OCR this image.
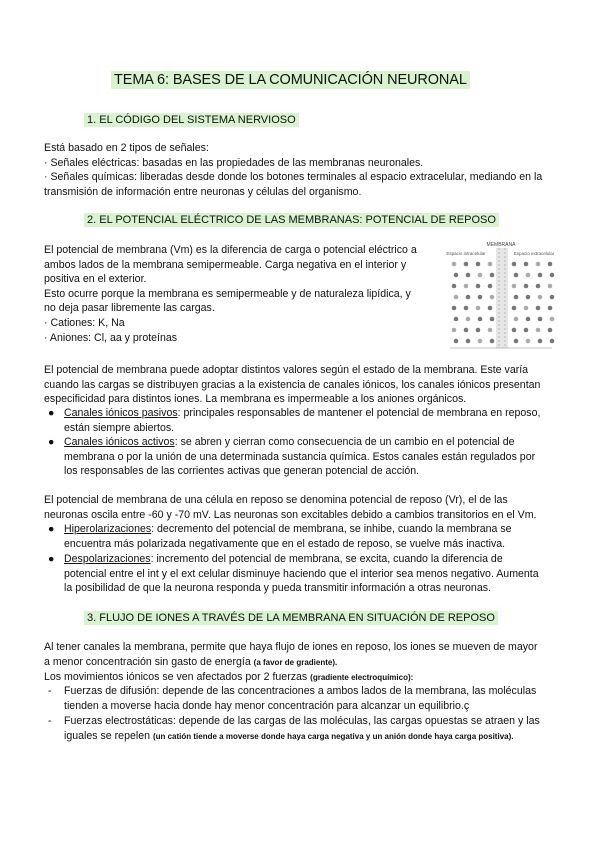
TEMA 6: BASES DE LA COMUNICACIÓN NEURONAL
1. EL CÓDIGO DEL SISTEMA NERVIOSO
Está basado en 2 tipos de señales:
· Señales eléctricas: basadas en las propiedades de las membranas neuronales.
· Señales químicas: liberadas desde donde los botones terminales al espacio extracelular, mediando en la
transmisión de información entre neuronas y células del organismo.
2. EL POTENCIAL ELÉCTRICO DE LAS MEMBRANAS: POTENCIAL DE REPOSO
El potencial de membrana (Vm) es la diferencia de carga o potencial eléctrico a
ambos lados de la membrana semipermeable. Carga negativa en el interior y
positiva en el exterior.
Esto ocurre porque la membrana es semipermeable y de naturaleza lipídica, y
no deja pasar libremente las cargas.
· Cationes: K, Na
· Aniones: Cl, aa y proteínas
MEMBRANA
Espacio intracelular	Espacio extracelular
El potencial de membrana puede adoptar distintos valores según el estado de la membrana. Este varía
cuando las cargas se distribuyen gracias a la existencia de canales iónicos, los canales iónicos presentan
especificidad para distintos iones. La membrana es impermeable a los aniones orgánicos.
● Canales iónicos pasivos: principales responsables de mantener el potencial de membrana en reposo,
están siempre abiertos.
● Canales iónicos activos: se abren y cierran como consecuencia de un cambio en el potencial de
membrana o por la unión de una determinada sustancia química. Estos canales están regulados por
los responsables de las corrientes activas que generan potencial de acción.
El potencial de membrana de una célula en reposo se denomina potencial de reposo (Vr), el de las
neuronas oscila entre -60 y -70 mV. Las neuronas son excitables debido a cambios transitorios en el Vm.
● Hiperolarizaciones: decremento del potencial de membrana, se inhibe, cuando la membrana se
encuentra más polarizada negativamente que en el estado de reposo, se vuelve más inactiva.
● Despolarizaciones: incremento del potencial de membrana, se excita, cuando la diferencia de
potencial entre el int y el ext celular disminuye haciendo que el interior sea menos negativo. Aumenta
la posibilidad de que la neurona responda y pueda transmitir información a otras neuronas.
3. FLUJO DE IONES A TRAVÉS DE LA MEMBRANA EN SITUACIÓN DE REPOSO
Al tener canales la membrana, permite que haya flujo de iones en reposo, los iones se mueven de mayor
a menor concentración sin gasto de energía (a favor de gradiente).
Los movimientos iónicos se ven afectados por 2 fuerzas (gradiente electroquímico):
- Fuerzas de difusión: depende de las concentraciones a ambos lados de la membrana, las moléculas
tienden a moverse hacia donde hay menor concentración para alcanzar un equilibrio.ç
- Fuerzas electrostáticas: depende de las cargas de las moléculas, las cargas opuestas se atraen y las
iguales se repelen (un catión tiende a moverse donde haya carga negativa y un anión donde haya carga positiva).
